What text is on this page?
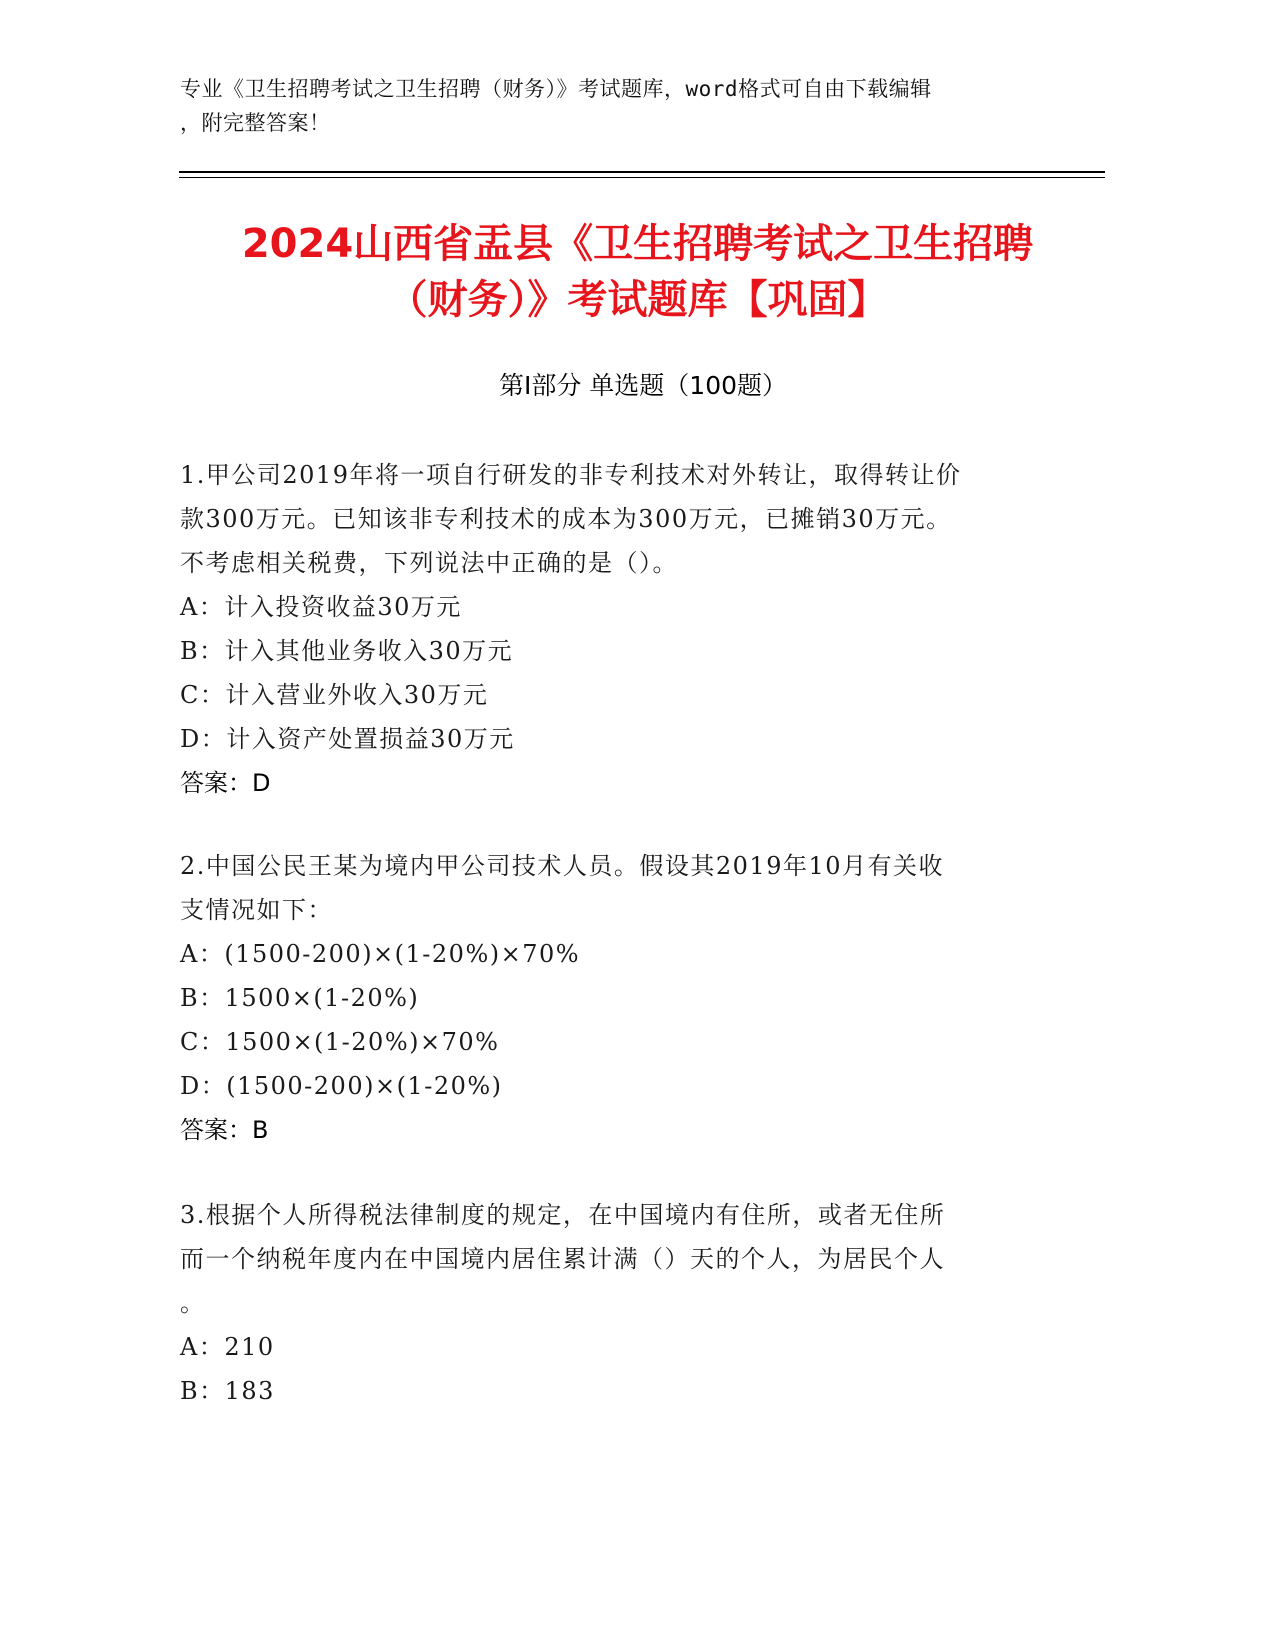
专业《卫生招聘考试之卫生招聘（财务）》考试题库，word格式可自由下载编辑
，附完整答案！
2024山西省盂县《卫生招聘考试之卫生招聘
（财务）》考试题库【巩固】
第I部分 单选题（100题）
1.甲公司2019年将一项自行研发的非专利技术对外转让，取得转让价
款300万元。已知该非专利技术的成本为300万元，已摊销30万元。
不考虑相关税费，下列说法中正确的是（）。
A：计入投资收益30万元
B：计入其他业务收入30万元
C：计入营业外收入30万元
D：计入资产处置损益30万元
答案：D
2.中国公民王某为境内甲公司技术人员。假设其2019年10月有关收
支情况如下：
A：(1500-200)×(1-20%)×70%
B：1500×(1-20%)
C：1500×(1-20%)×70%
D：(1500-200)×(1-20%)
答案：B
3.根据个人所得税法律制度的规定，在中国境内有住所，或者无住所
而一个纳税年度内在中国境内居住累计满（）天的个人，为居民个人
。
A：210
B：183
